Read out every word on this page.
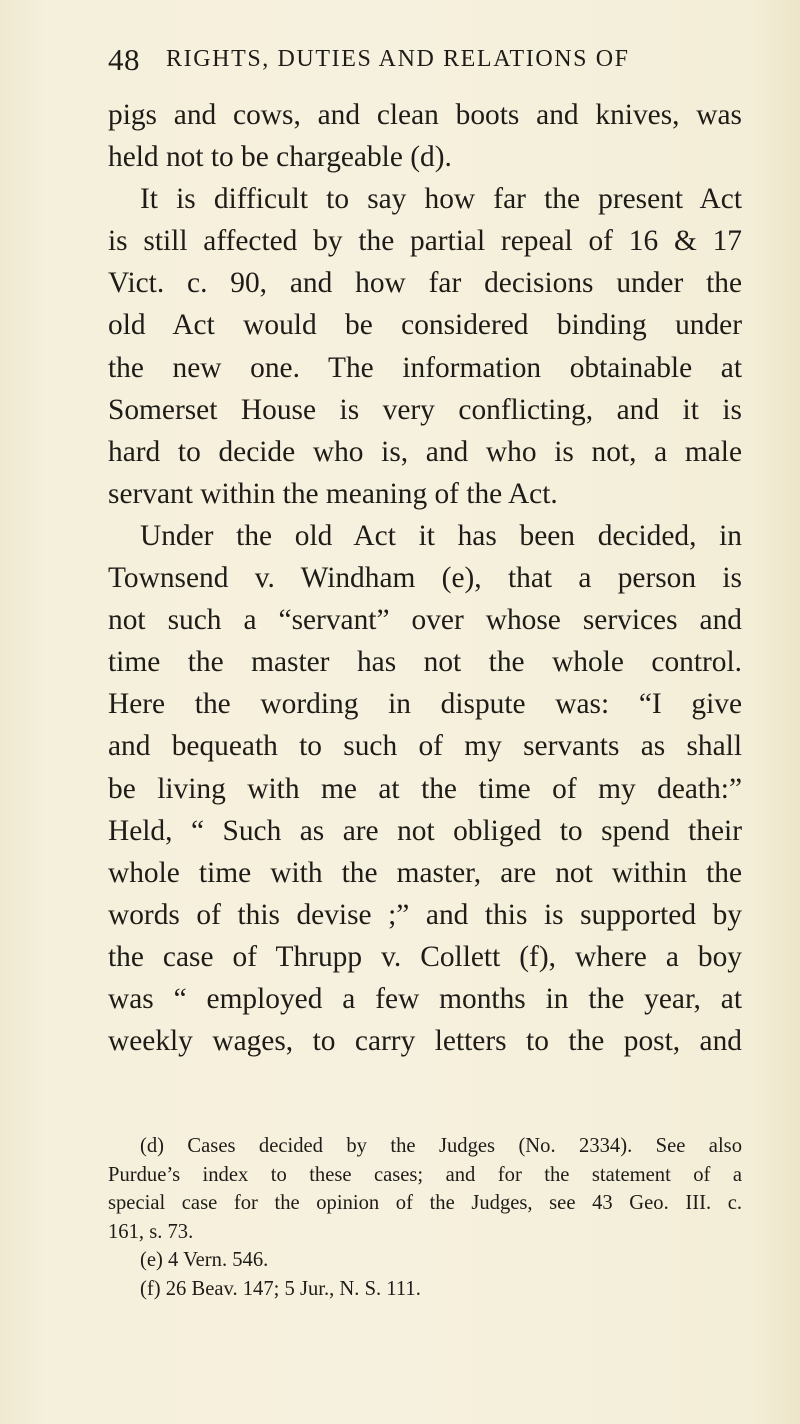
48 RIGHTS, DUTIES AND RELATIONS OF
pigs and cows, and clean boots and knives, was
held not to be chargeable (d).
It is difficult to say how far the present Act
is still affected by the partial repeal of 16 & 17
Vict. c. 90, and how far decisions under the
old Act would be considered binding under
the new one. The information obtainable at
Somerset House is very conflicting, and it is
hard to decide who is, and who is not, a male
servant within the meaning of the Act.
Under the old Act it has been decided, in
Townsend v. Windham (e), that a person is
not such a “servant” over whose services and
time the master has not the whole control.
Here the wording in dispute was: “I give
and bequeath to such of my servants as shall
be living with me at the time of my death:”
Held, “ Such as are not obliged to spend their
whole time with the master, are not within the
words of this devise ;” and this is supported by
the case of Thrupp v. Collett (f), where a boy
was “ employed a few months in the year, at
weekly wages, to carry letters to the post, and
(d) Cases decided by the Judges (No. 2334). See also
Purdue’s index to these cases; and for the statement of a
special case for the opinion of the Judges, see 43 Geo. III. c.
161, s. 73.
(e) 4 Vern. 546.
(f) 26 Beav. 147; 5 Jur., N. S. 111.
